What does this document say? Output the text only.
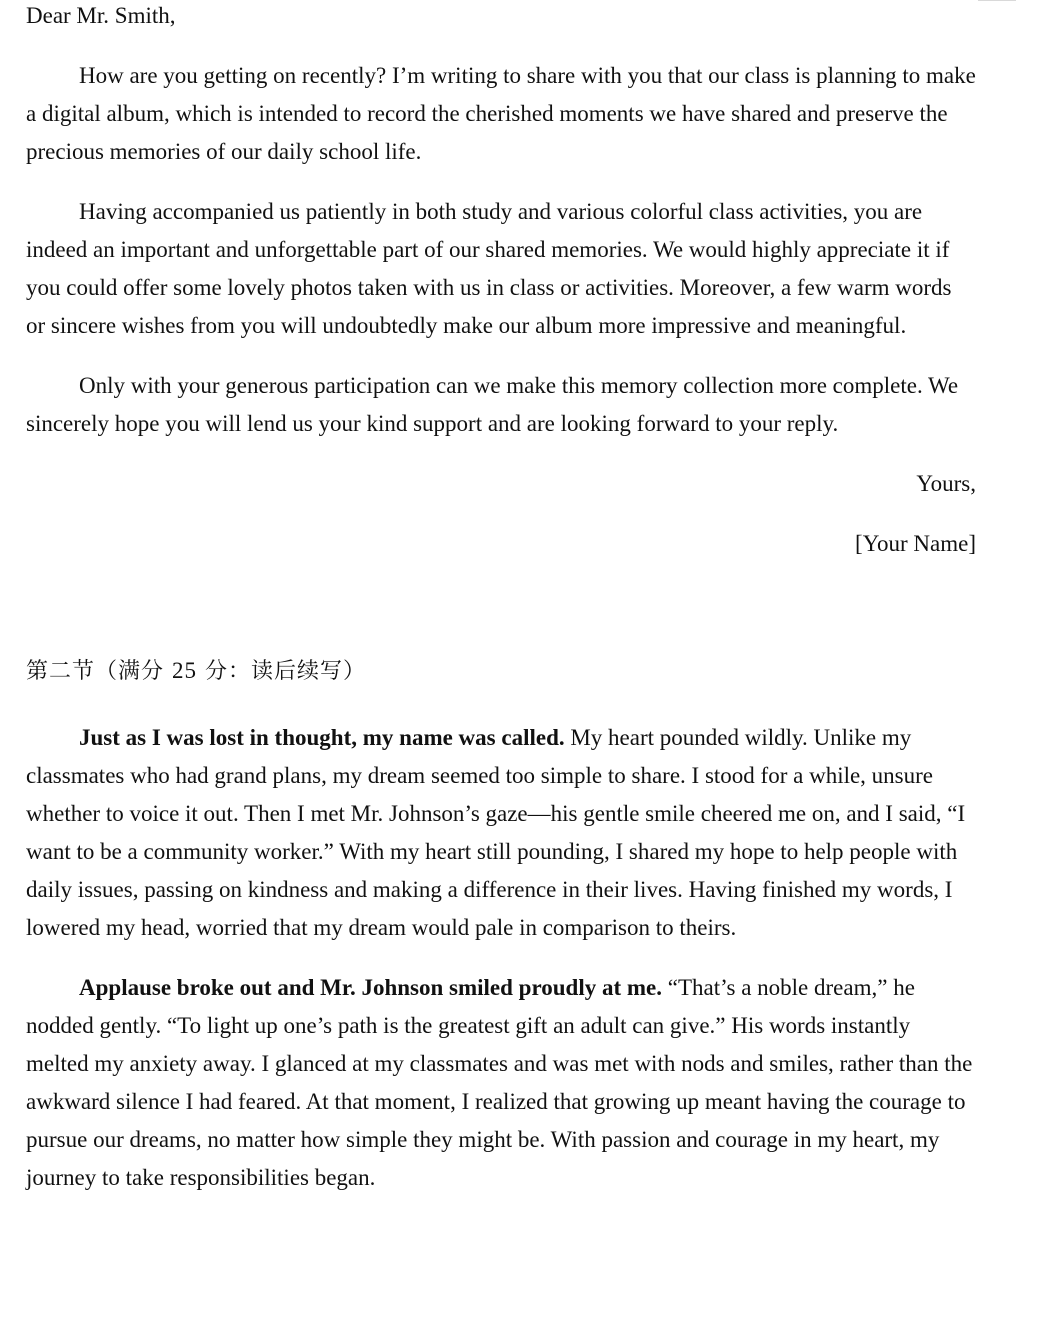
Dear Mr. Smith,

How are you getting on recently? I’m writing to share with you that our class is planning to make a digital album, which is intended to record the cherished moments we have shared and preserve the precious memories of our daily school life.

Having accompanied us patiently in both study and various colorful class activities, you are indeed an important and unforgettable part of our shared memories. We would highly appreciate it if you could offer some lovely photos taken with us in class or activities. Moreover, a few warm words or sincere wishes from you will undoubtedly make our album more impressive and meaningful.

Only with your generous participation can we make this memory collection more complete. We sincerely hope you will lend us your kind support and are looking forward to your reply.

Yours,

[Your Name]

第二节（满分 25 分：读后续写）

Just as I was lost in thought, my name was called. My heart pounded wildly. Unlike my classmates who had grand plans, my dream seemed too simple to share. I stood for a while, unsure whether to voice it out. Then I met Mr. Johnson’s gaze—his gentle smile cheered me on, and I said, “I want to be a community worker.” With my heart still pounding, I shared my hope to help people with daily issues, passing on kindness and making a difference in their lives. Having finished my words, I lowered my head, worried that my dream would pale in comparison to theirs.

Applause broke out and Mr. Johnson smiled proudly at me. “That’s a noble dream,” he nodded gently. “To light up one’s path is the greatest gift an adult can give.” His words instantly melted my anxiety away. I glanced at my classmates and was met with nods and smiles, rather than the awkward silence I had feared. At that moment, I realized that growing up meant having the courage to pursue our dreams, no matter how simple they might be. With passion and courage in my heart, my journey to take responsibilities began.
